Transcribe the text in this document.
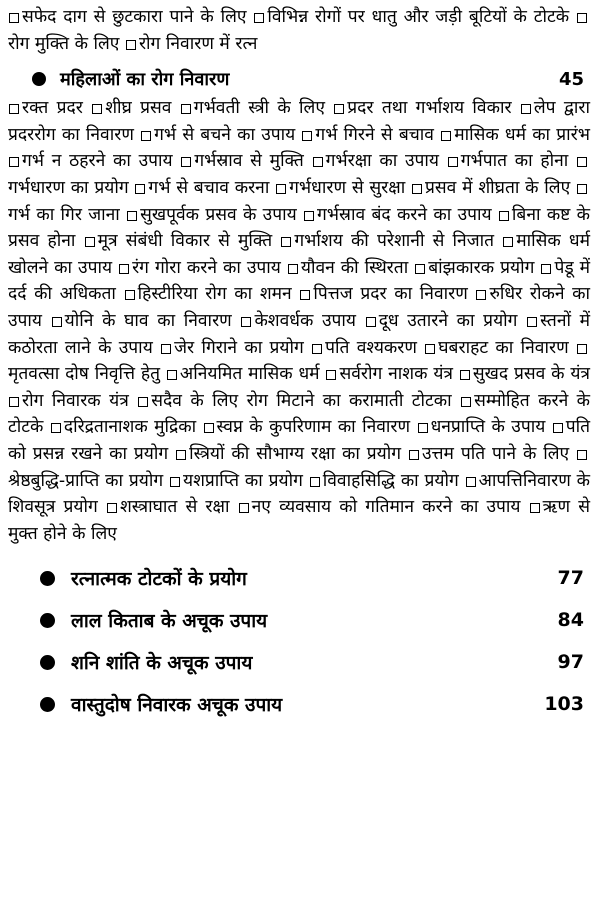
सफेद दाग से छुटकारा पाने के लिए विभिन्न रोगों पर धातु और जड़ी बूटियों के टोटके रोग मुक्ति के लिए रोग निवारण में रत्न

महिलाओं का रोग निवारण	45

रक्त प्रदर शीघ्र प्रसव गर्भवती स्त्री के लिए प्रदर तथा गर्भाशय विकार लेप द्वारा प्रदररोग का निवारण गर्भ से बचने का उपाय गर्भ गिरने से बचाव मासिक धर्म का प्रारंभ गर्भ न ठहरने का उपाय गर्भस्राव से मुक्ति गर्भरक्षा का उपाय गर्भपात का होना गर्भधारण का प्रयोग गर्भ से बचाव करना गर्भधारण से सुरक्षा प्रसव में शीघ्रता के लिए गर्भ का गिर जाना सुखपूर्वक प्रसव के उपाय गर्भस्राव बंद करने का उपाय बिना कष्ट के प्रसव होना मूत्र संबंधी विकार से मुक्ति गर्भाशय की परेशानी से निजात मासिक धर्म खोलने का उपाय रंग गोरा करने का उपाय यौवन की स्थिरता बांझकारक प्रयोग पेडू में दर्द की अधिकता हिस्टीरिया रोग का शमन पित्तज प्रदर का निवारण रुधिर रोकने का उपाय योनि के घाव का निवारण केशवर्धक उपाय दूध उतारने का प्रयोग स्तनों में कठोरता लाने के उपाय जेर गिराने का प्रयोग पति वश्यकरण घबराहट का निवारण मृतवत्सा दोष निवृत्ति हेतु अनियमित मासिक धर्म सर्वरोग नाशक यंत्र सुखद प्रसव के यंत्र रोग निवारक यंत्र सदैव के लिए रोग मिटाने का करामाती टोटका सम्मोहित करने के टोटके दरिद्रतानाशक मुद्रिका स्वप्न के कुपरिणाम का निवारण धनप्राप्ति के उपाय पति को प्रसन्न रखने का प्रयोग स्त्रियों की सौभाग्य रक्षा का प्रयोग उत्तम पति पाने के लिए श्रेष्ठबुद्धि-प्राप्ति का प्रयोग यशप्राप्ति का प्रयोग विवाहसिद्धि का प्रयोग आपत्तिनिवारण के शिवसूत्र प्रयोग शस्त्राघात से रक्षा नए व्यवसाय को गतिमान करने का उपाय ऋण से मुक्त होने के लिए

रत्नात्मक टोटकों के प्रयोग	77
लाल किताब के अचूक उपाय	84
शनि शांति के अचूक उपाय	97
वास्तुदोष निवारक अचूक उपाय	103
